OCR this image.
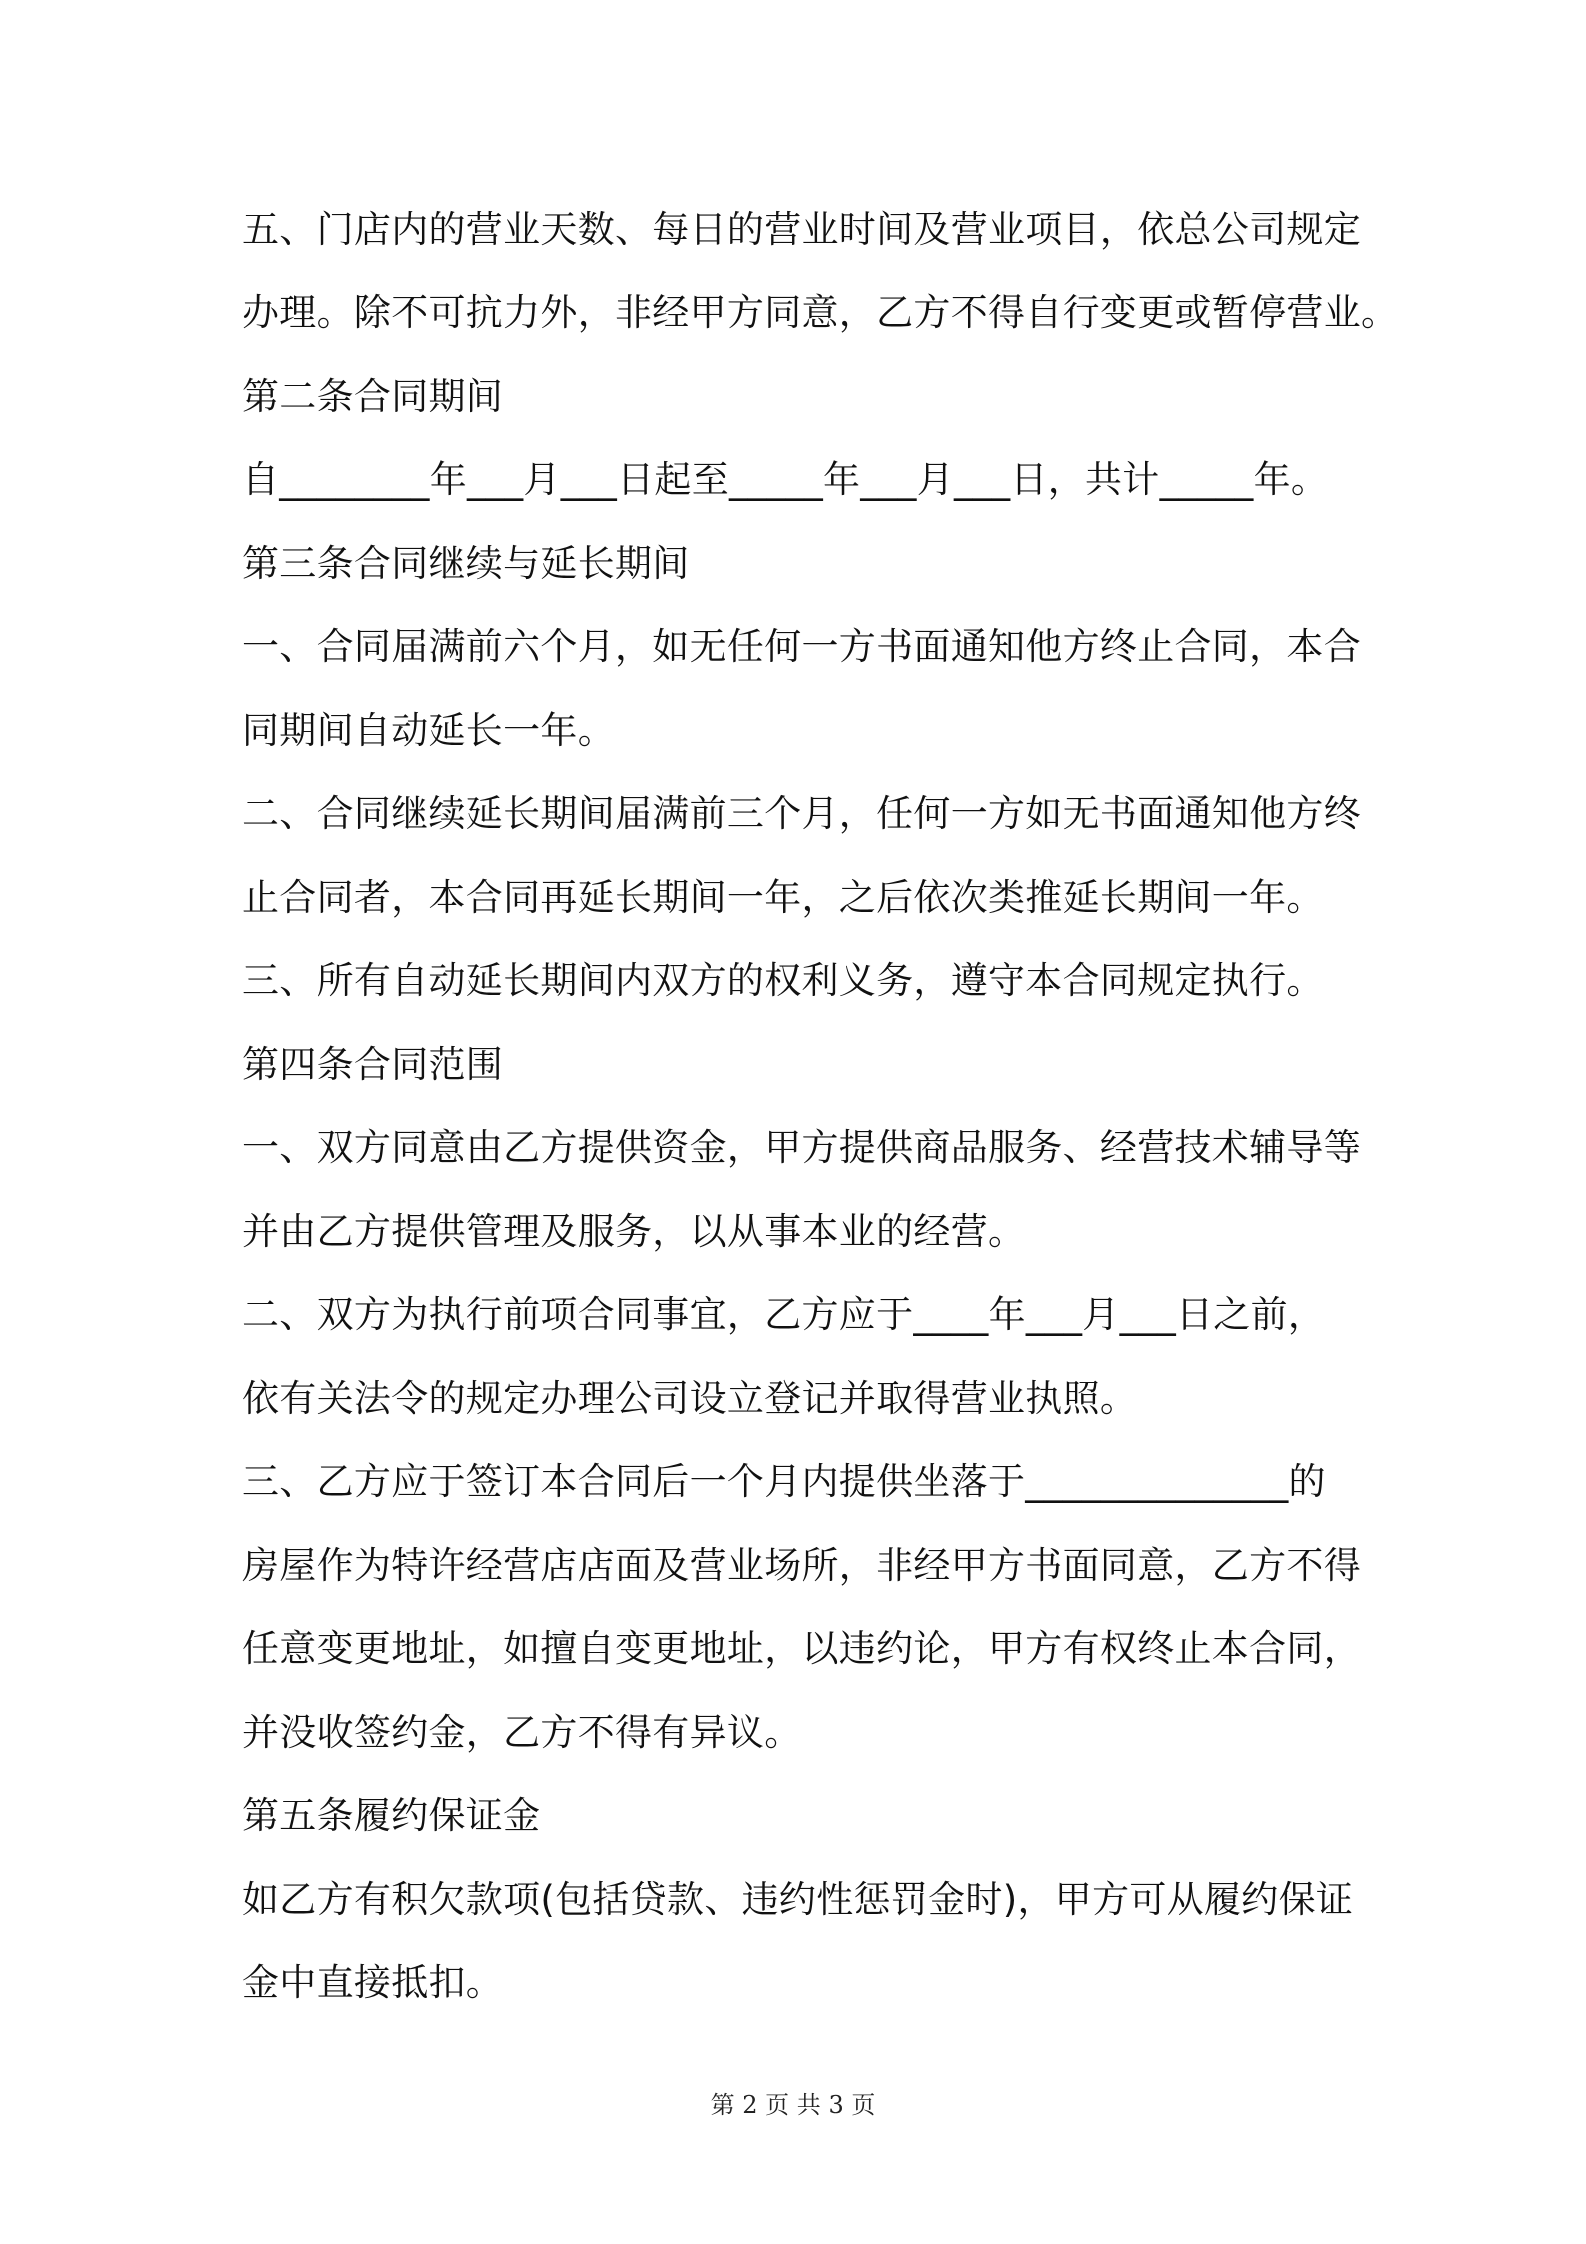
五、门店内的营业天数、每日的营业时间及营业项目，依总公司规定
办理。除不可抗力外，非经甲方同意，乙方不得自行变更或暂停营业。
第二条合同期间
自________年___月___日起至_____年___月___日，共计_____年。
第三条合同继续与延长期间
一、合同届满前六个月，如无任何一方书面通知他方终止合同，本合
同期间自动延长一年。
二、合同继续延长期间届满前三个月，任何一方如无书面通知他方终
止合同者，本合同再延长期间一年，之后依次类推延长期间一年。
三、所有自动延长期间内双方的权利义务，遵守本合同规定执行。
第四条合同范围
一、双方同意由乙方提供资金，甲方提供商品服务、经营技术辅导等
并由乙方提供管理及服务，以从事本业的经营。
二、双方为执行前项合同事宜，乙方应于____年___月___日之前，
依有关法令的规定办理公司设立登记并取得营业执照。
三、乙方应于签订本合同后一个月内提供坐落于______________的
房屋作为特许经营店店面及营业场所，非经甲方书面同意，乙方不得
任意变更地址，如擅自变更地址，以违约论，甲方有权终止本合同，
并没收签约金，乙方不得有异议。
第五条履约保证金
如乙方有积欠款项(包括贷款、违约性惩罚金时)，甲方可从履约保证
金中直接抵扣。
第 2 页 共 3 页
